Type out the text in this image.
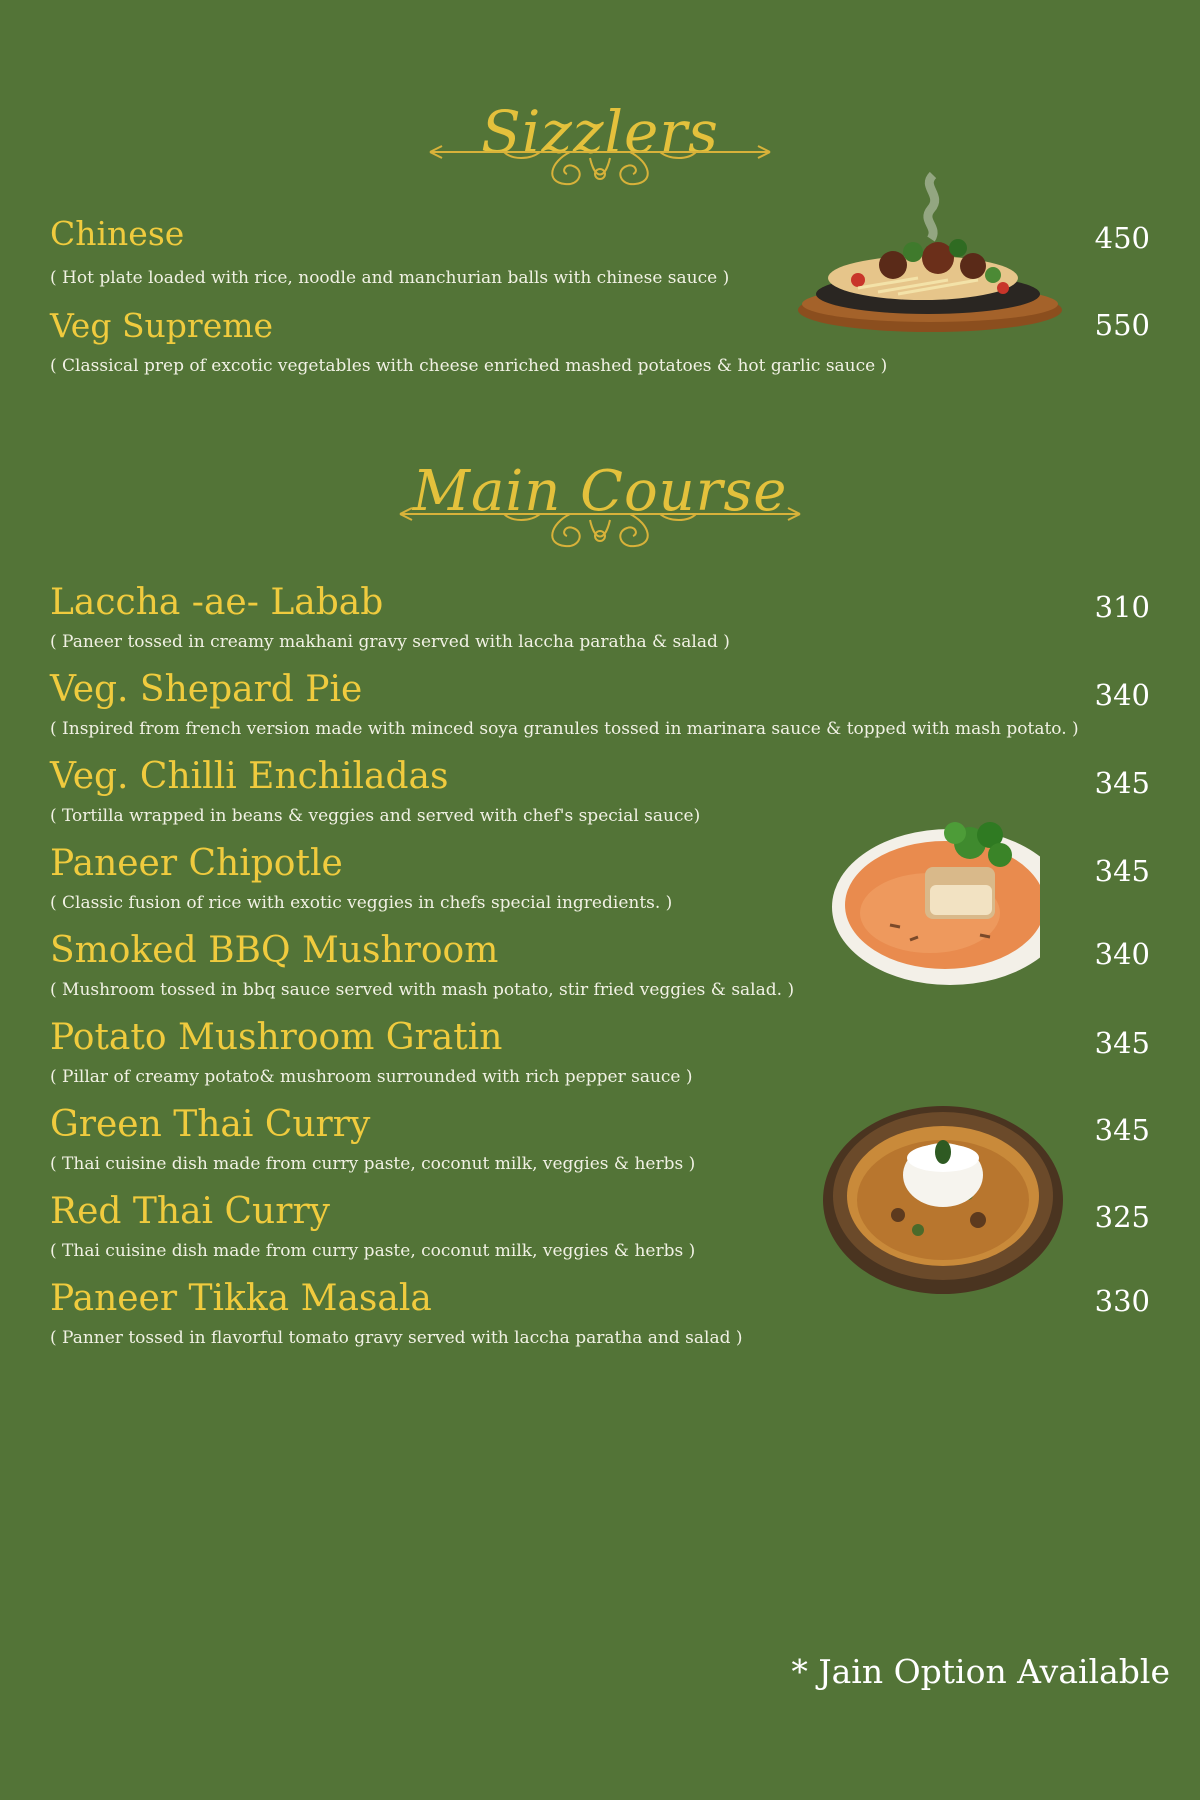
Sizzlers
Chinese
( Hot plate loaded with rice, noodle and manchurian balls with chinese sauce )
450
Veg Supreme
( Classical prep of excotic vegetables with cheese enriched mashed potatoes & hot garlic sauce )
550
Main Course
Laccha -ae- Labab
( Paneer tossed in creamy makhani gravy served with laccha paratha & salad )
310
Veg. Shepard Pie
( Inspired from french version made with minced soya granules tossed in marinara sauce & topped with mash potato. )
340
Veg. Chilli Enchiladas
( Tortilla wrapped in beans & veggies and served with chef's special sauce)
345
Paneer Chipotle
( Classic fusion of rice with exotic veggies in chefs special ingredients. )
345
Smoked BBQ Mushroom
( Mushroom tossed in bbq sauce served with mash potato, stir fried veggies & salad. )
340
Potato Mushroom Gratin
( Pillar of creamy potato& mushroom surrounded with rich pepper sauce )
345
Green Thai Curry
( Thai cuisine dish made from curry paste, coconut milk, veggies & herbs )
345
Red Thai Curry
( Thai cuisine dish made from curry paste, coconut milk, veggies & herbs )
325
Paneer Tikka Masala
( Panner tossed in flavorful tomato gravy served with laccha paratha and salad )
330
* Jain Option Available
